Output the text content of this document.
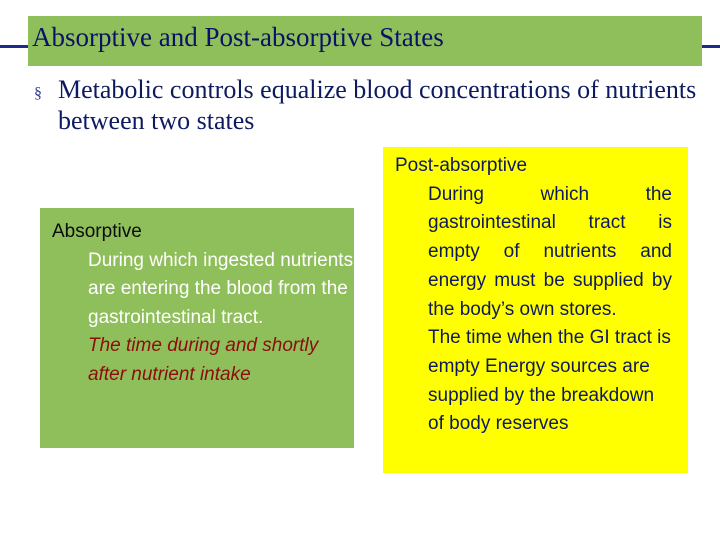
Absorptive and Post-absorptive States
§ Metabolic controls equalize blood concentrations of nutrients between two states
Absorptive
During which ingested nutrients are entering the blood from the gastrointestinal tract.
The time during and shortly after nutrient intake
Post-absorptive
During which the gastrointestinal tract is empty of nutrients and energy must be supplied by the body’s own stores.
The time when the GI tract is empty Energy sources are supplied by the breakdown of body reserves
